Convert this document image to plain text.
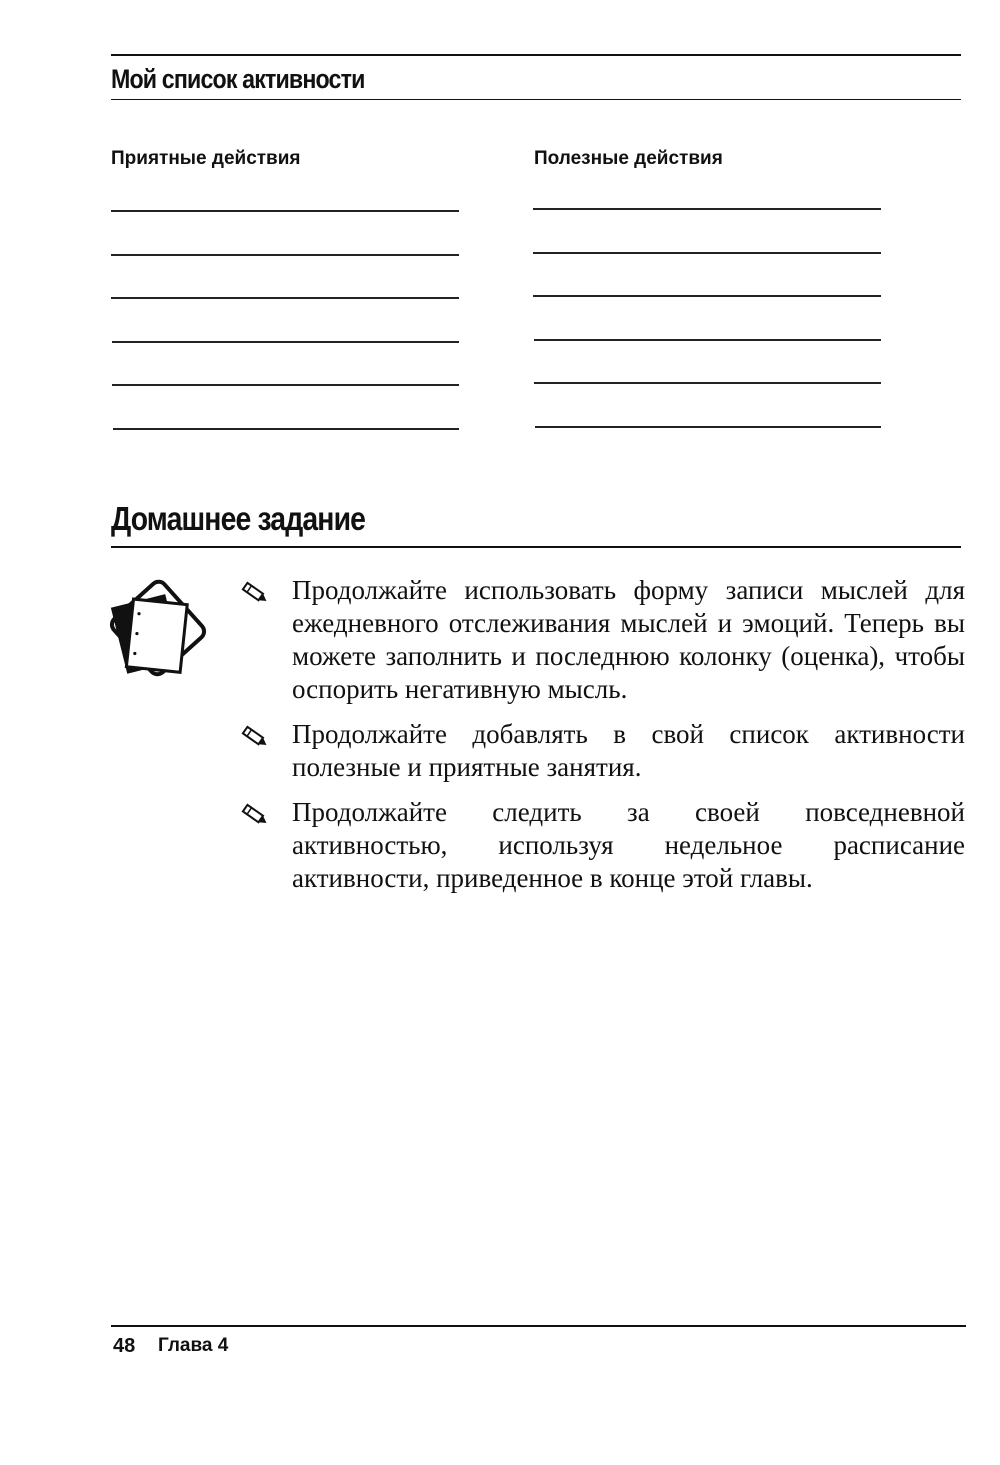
Мой список активности
Приятные действия	Полезные действия
Домашнее задание

Продолжайте использовать форму записи мыслей для ежедневного отслеживания мыслей и эмоций. Теперь вы можете заполнить и последнюю колонку (оценка), чтобы оспорить негативную мысль.

Продолжайте добавлять в свой список активности полезные и приятные занятия.

Продолжайте следить за своей повседневной активностью, используя недельное расписание активности, приведенное в конце этой главы.

48 Глава 4
